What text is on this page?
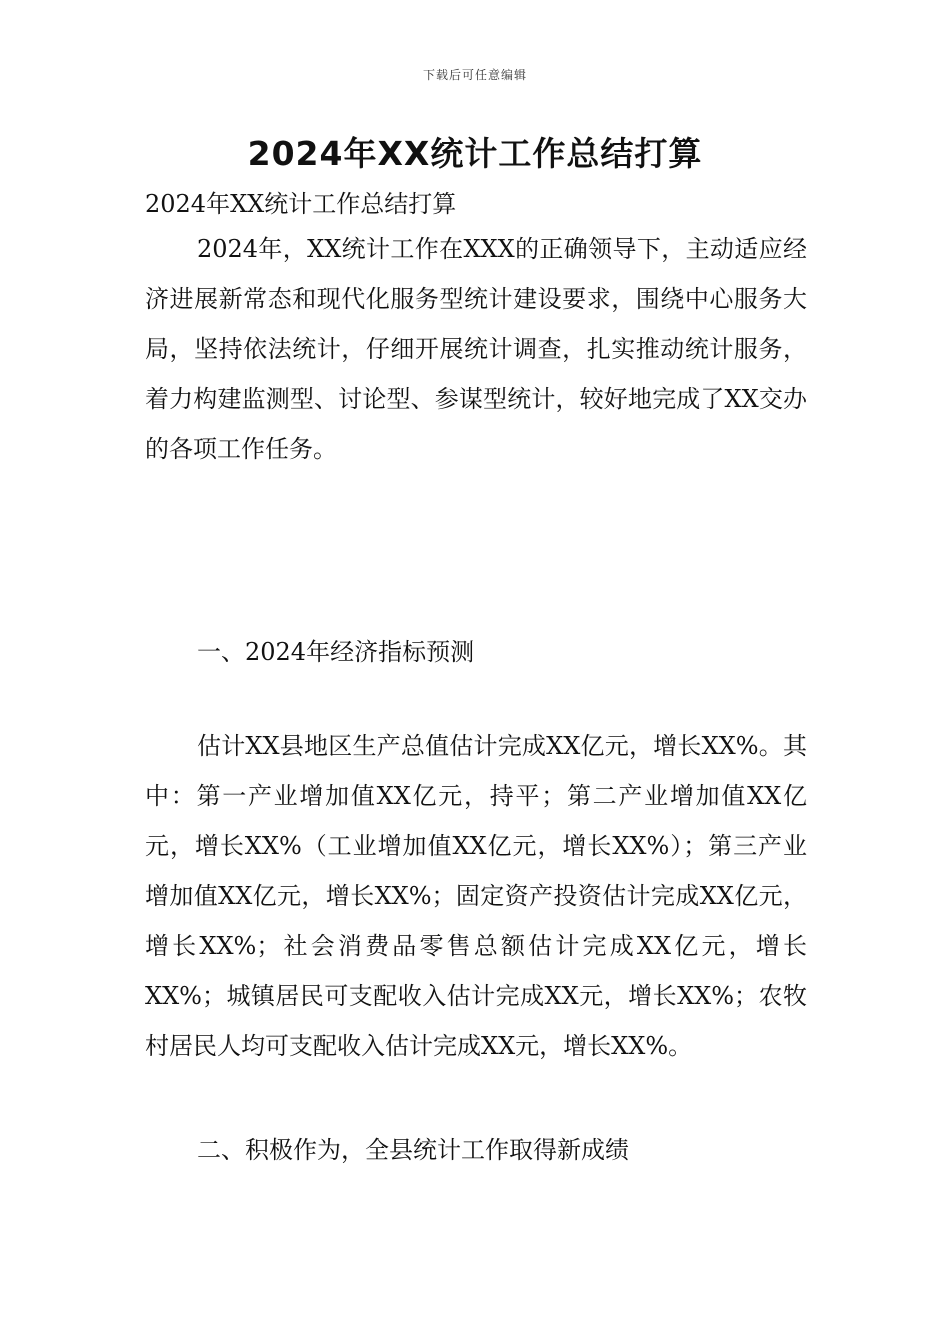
下载后可任意编辑
2024年XX统计工作总结打算
2024年XX统计工作总结打算

2024年，XX统计工作在XXX的正确领导下，主动适应经济进展新常态和现代化服务型统计建设要求，围绕中心服务大局，坚持依法统计，仔细开展统计调查，扎实推动统计服务，着力构建监测型、讨论型、参谋型统计，较好地完成了XX交办的各项工作任务。

一、2024年经济指标预测

估计XX县地区生产总值估计完成XX亿元，增长XX%。其中：第一产业增加值XX亿元，持平；第二产业增加值XX亿元，增长XX%（工业增加值XX亿元，增长XX%）；第三产业增加值XX亿元，增长XX%；固定资产投资估计完成XX亿元，增长XX%；社会消费品零售总额估计完成XX亿元，增长XX%；城镇居民可支配收入估计完成XX元，增长XX%；农牧村居民人均可支配收入估计完成XX元，增长XX%。

二、积极作为，全县统计工作取得新成绩
